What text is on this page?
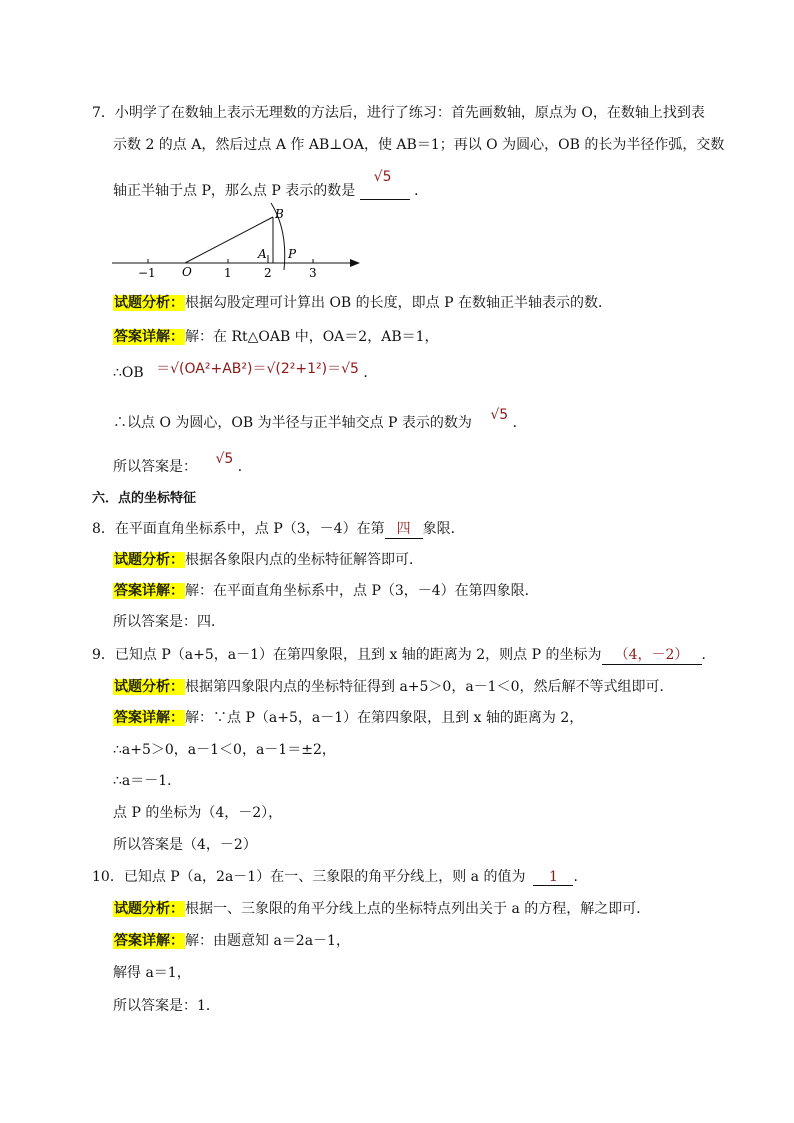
7．小明学了在数轴上表示无理数的方法后，进行了练习：首先画数轴，原点为 O，在数轴上找到表
示数 2 的点 A，然后过点 A 作 AB⊥OA，使 AB＝1；再以 O 为圆心，OB 的长为半径作弧，交数
轴正半轴于点 P，那么点 P 表示的数是
√5
．
B
A P
O
−1	1	2	3
试题分析：根据勾股定理可计算出 OB 的长度，即点 P 在数轴正半轴表示的数．
答案详解：解：在 Rt△OAB 中，OA＝2，AB＝1，
∴OB ＝√(OA²+AB²)＝√(2²+1²)＝√5 ．
∴以点 O 为圆心，OB 为半径与正半轴交点 P 表示的数为 √5 ．
所以答案是： √5 ．
六．点的坐标特征
8．在平面直角坐标系中，点 P（3，－4）在第 四 象限．
试题分析：根据各象限内点的坐标特征解答即可．
答案详解：解：在平面直角坐标系中，点 P（3，－4）在第四象限．
所以答案是：四．
9．已知点 P（a+5，a－1）在第四象限，且到 x 轴的距离为 2，则点 P 的坐标为 （4，－2） ．
试题分析：根据第四象限内点的坐标特征得到 a+5＞0，a－1＜0，然后解不等式组即可．
答案详解：解：∵点 P（a+5，a－1）在第四象限，且到 x 轴的距离为 2，
∴a+5＞0，a－1＜0，a－1＝±2，
∴a＝－1．
点 P 的坐标为（4，－2），
所以答案是（4，－2）
10．已知点 P（a，2a－1）在一、三象限的角平分线上，则 a 的值为 1 ．
试题分析：根据一、三象限的角平分线上点的坐标特点列出关于 a 的方程，解之即可．
答案详解：解：由题意知 a＝2a－1，
解得 a＝1，
所以答案是：1．
